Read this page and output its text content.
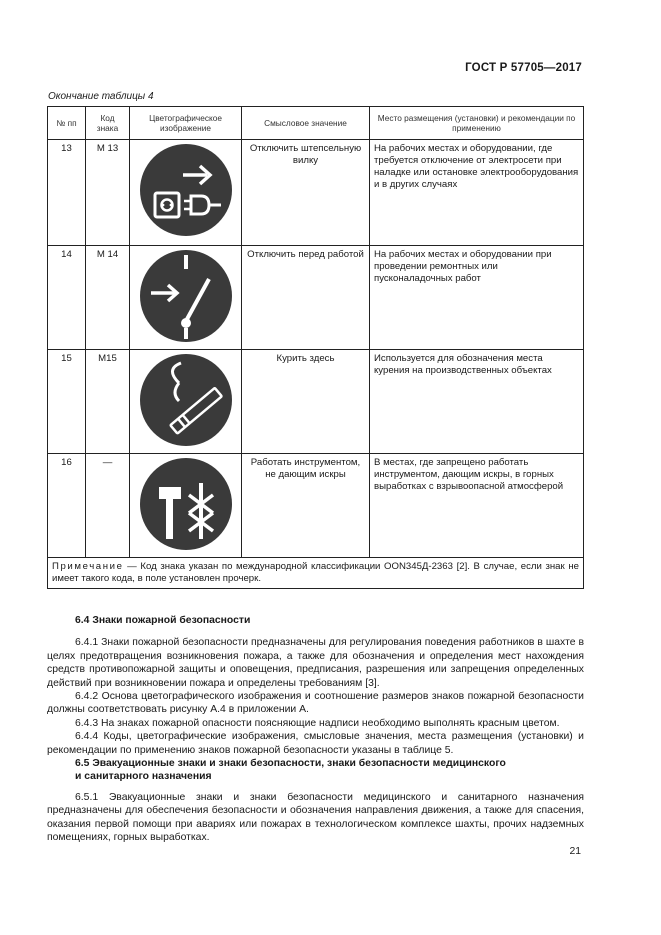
ГОСТ Р 57705—2017
Окончание таблицы 4
№ пп	Код знака	Цветографическое изображение	Смысловое значение	Место размещения (установки) и рекомендации по применению
13	М 13		Отключить штепсельную вилку	На рабочих местах и оборудовании, где требуется отключение от электросети при наладке или остановке электрооборудования и в других случаях
14	М 14		Отключить перед работой	На рабочих местах и оборудовании при проведении ремонтных или пусконаладочных работ
15	М15		Курить здесь	Используется для обозначения места курения на производственных объектах
16	—		Работать инструментом, не дающим искры	В местах, где запрещено работать инструментом, дающим искры, в горных выработках с взрывоопасной атмосферой
Примечание — Код знака указан по международной классификации ООN345Д-2363 [2]. В случае, если знак не имеет такого кода, в поле установлен прочерк.				

6.4 Знаки пожарной безопасности

6.4.1 Знаки пожарной безопасности предназначены для регулирования поведения работников в шахте в целях предотвращения возникновения пожара, а также для обозначения и определения мест нахождения средств противопожарной защиты и оповещения, предписания, разрешения или запрещения определенных действий при возникновении пожара и определены требованиям [3].

6.4.2 Основа цветографического изображения и соотношение размеров знаков пожарной безопасности должны соответствовать рисунку А.4 в приложении А.

6.4.3 На знаках пожарной опасности поясняющие надписи необходимо выполнять красным цветом.

6.4.4 Коды, цветографические изображения, смысловые значения, места размещения (установки) и рекомендации по применению знаков пожарной безопасности указаны в таблице 5.

6.5 Эвакуационные знаки и знаки безопасности, знаки безопасности медицинского

и санитарного назначения

6.5.1 Эвакуационные знаки и знаки безопасности медицинского и санитарного назначения предназначены для обеспечения безопасности и обозначения направления движения, а также для спасения, оказания первой помощи при авариях или пожарах в технологическом комплексе шахты, прочих надземных помещениях, горных выработках.

21
